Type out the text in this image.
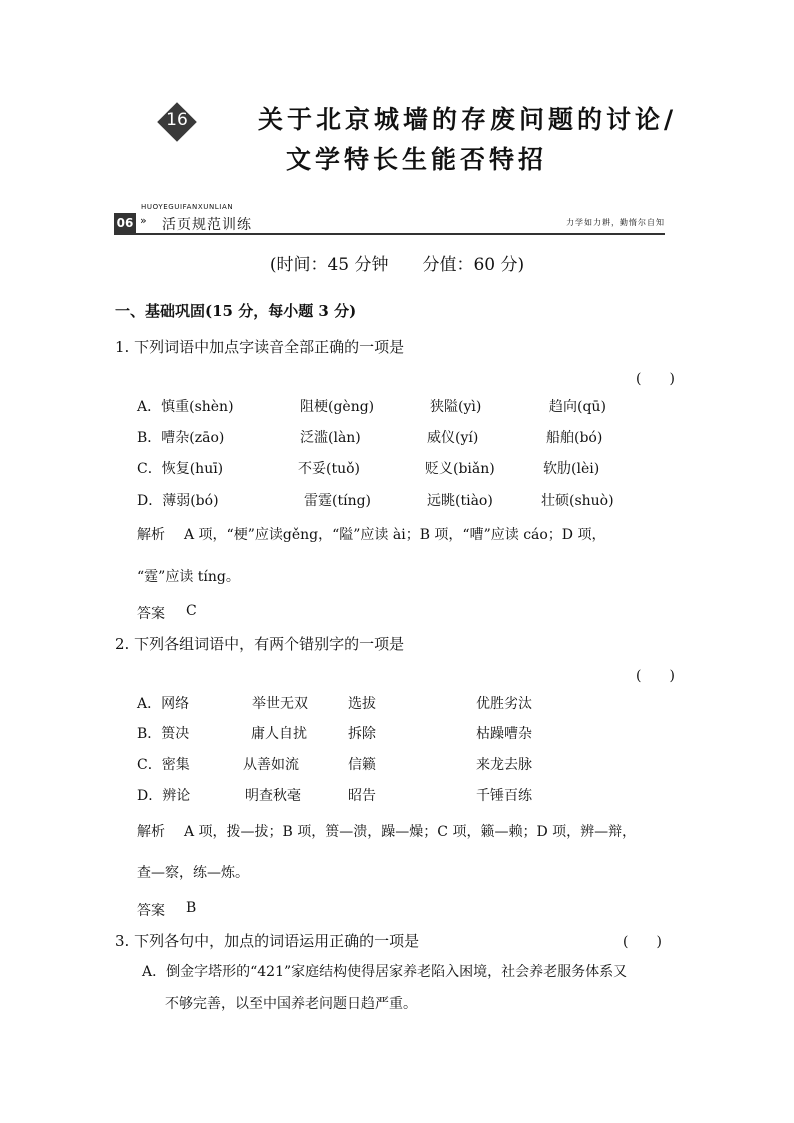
16	关于北京城墙的存废问题的讨论/
文学特长生能否特招
HUOYEGUIFANXUNLIAN
06 » 活页规范训练	力学如力耕，勤惰尔自知
(时间：45 分钟　　分值：60 分)
一、基础巩固(15 分，每小题 3 分)
1. 下列词语中加点字读音全部正确的一项是
(　　)
A．慎重(shèn)	阻梗(gèng)	狭隘(yì)	趋向(qū)
B．嘈杂(zāo)	泛滥(làn)	威仪(yí)	船舶(bó)
C．恢复(huī)	不妥(tuǒ)	贬义(biǎn)	软肋(lèi)
D．薄弱(bó)	雷霆(tíng)	远眺(tiào)	壮硕(shuò)
解析 A 项，“梗”应读gěng，“隘”应读 ài；B 项，“嘈”应读 cáo；D 项，
“霆”应读 tíng。
答案 C
2. 下列各组词语中，有两个错别字的一项是
(　　)
A．网络	举世无双	选拔	优胜劣汰
B．篑决	庸人自扰	拆除	枯躁嘈杂
C．密集	从善如流	信籁	来龙去脉
D．辨论	明查秋毫	昭告	千锤百练
解析 A 项，拨—拔；B 项，篑—溃，躁—燥；C 项，籁—赖；D 项，辨—辩，
查—察，练—炼。
答案 B
3. 下列各句中，加点的词语运用正确的一项是	(　　)
A．倒金字塔形的“421”家庭结构使得居家养老陷入困境，社会养老服务体系又
不够完善，以至中国养老问题日趋严重。
